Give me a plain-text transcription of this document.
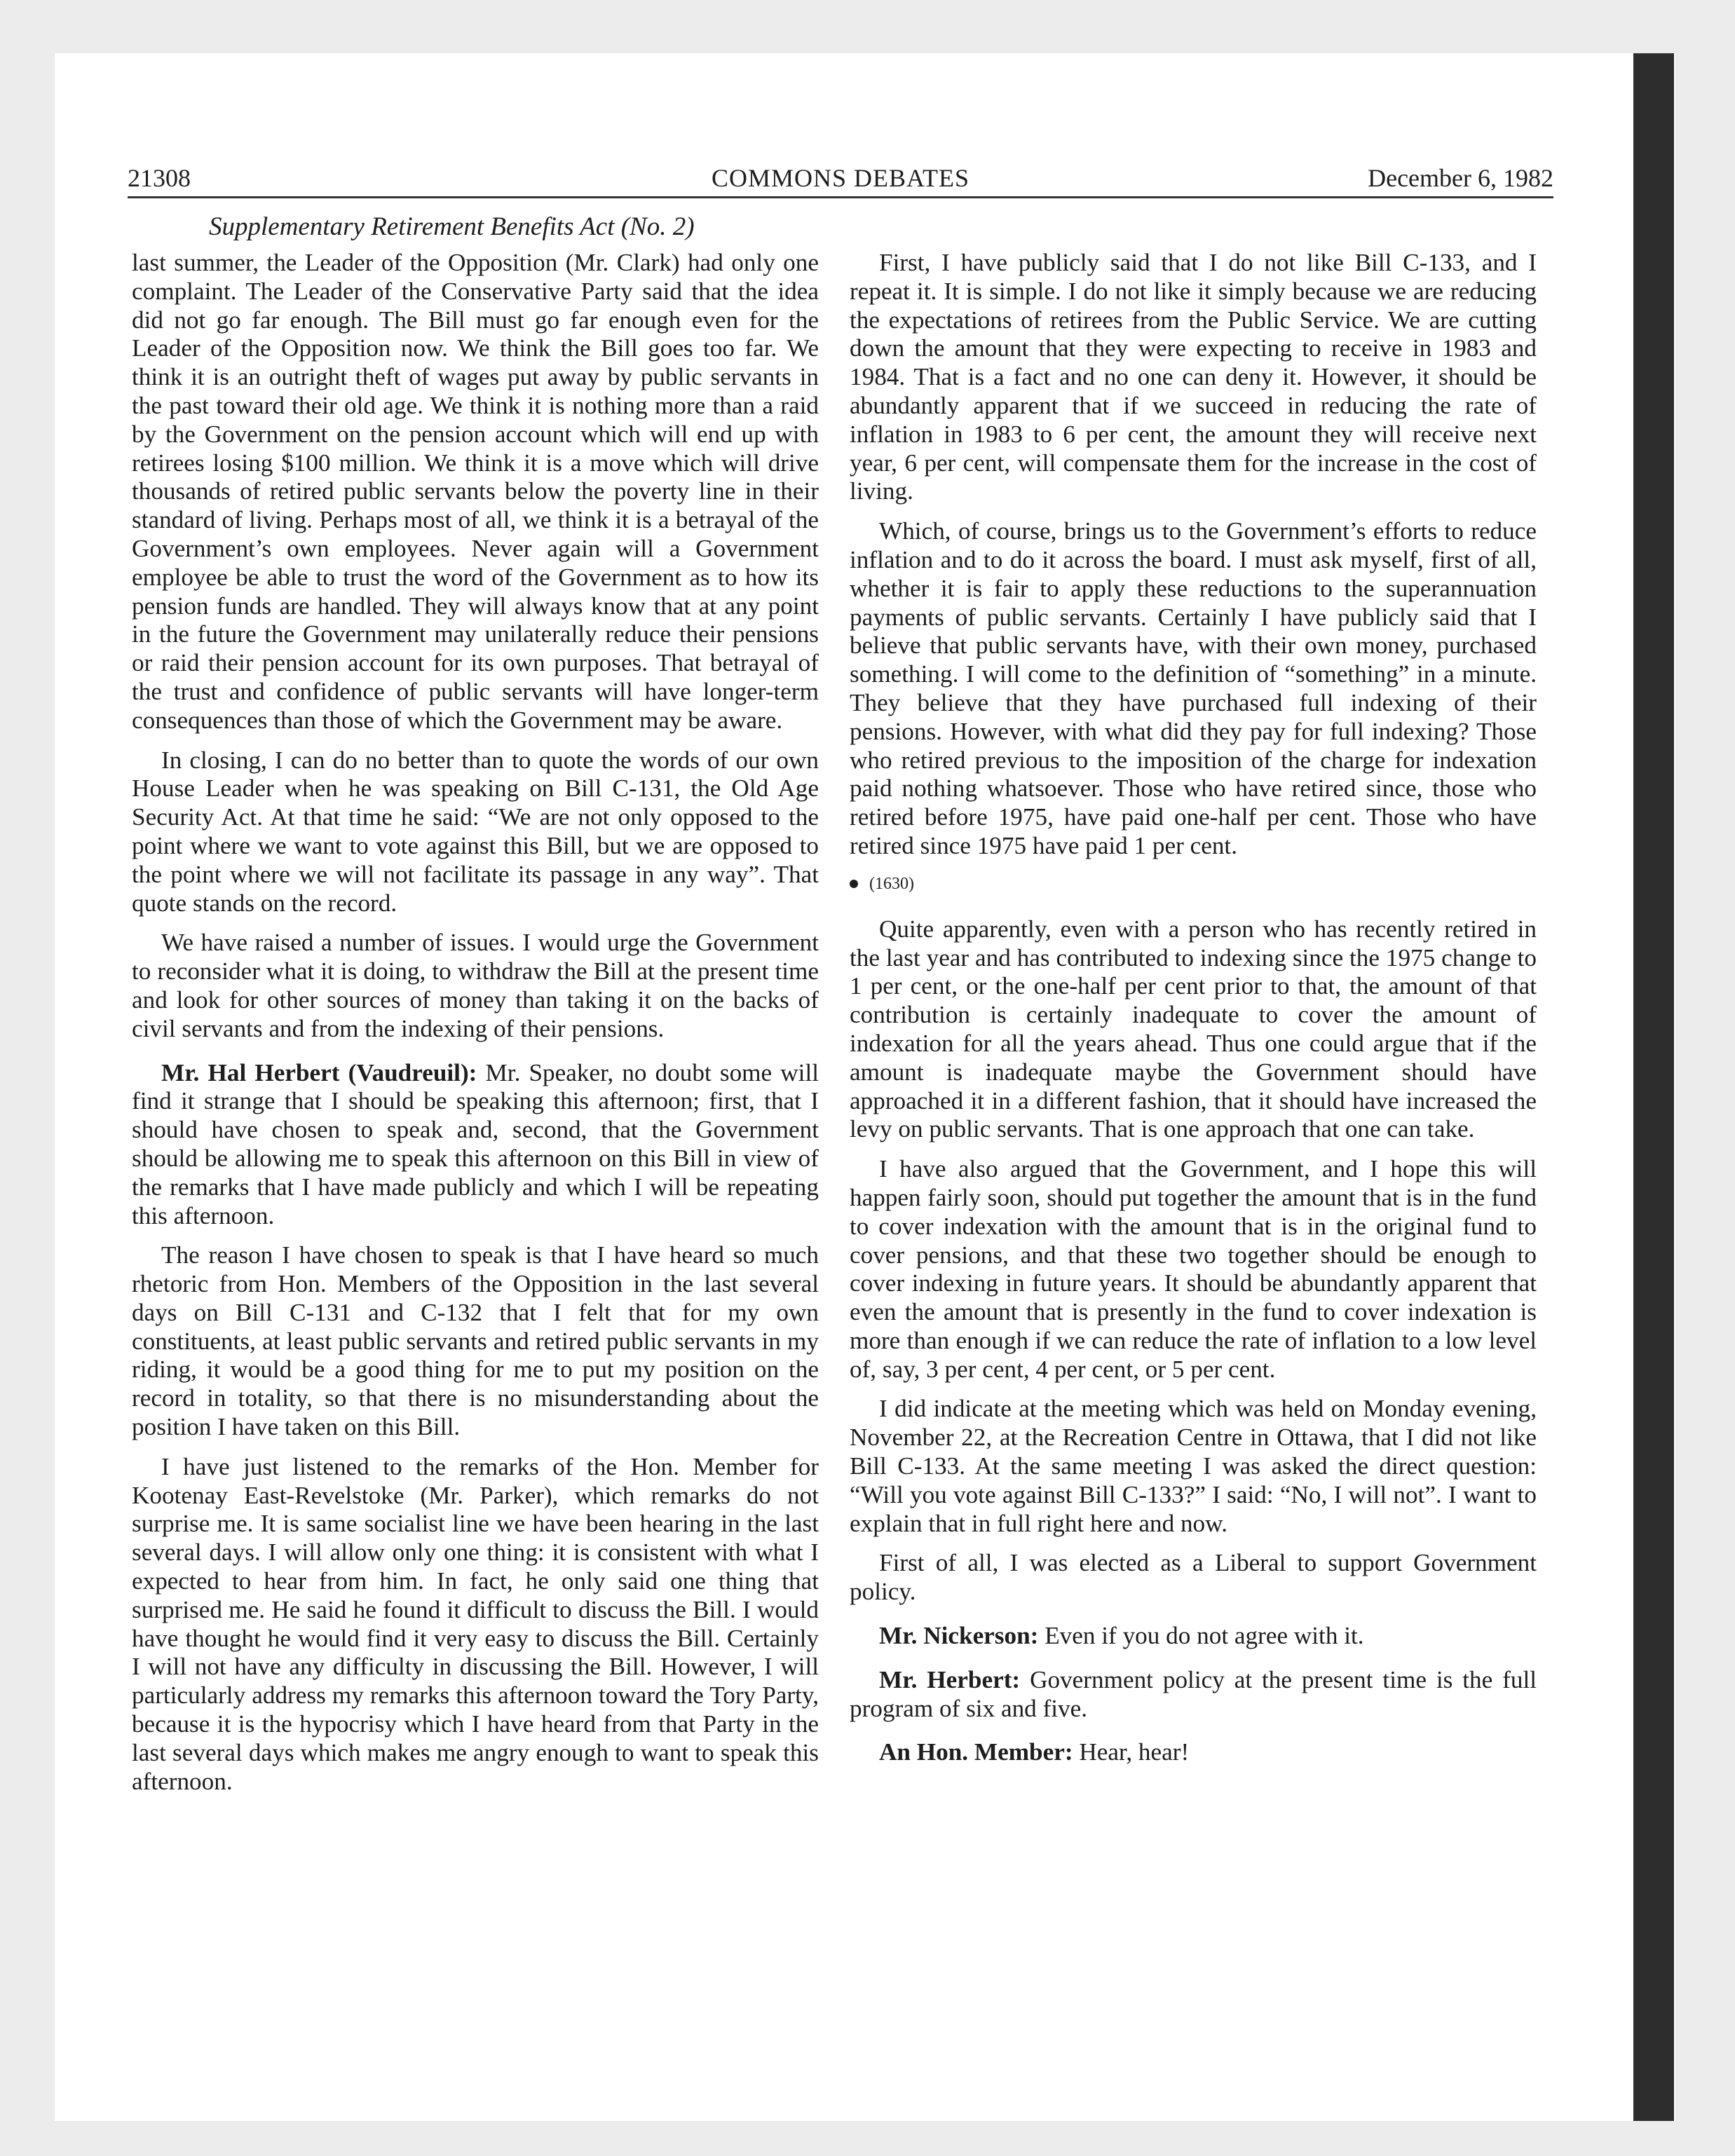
21308	COMMONS DEBATES	December 6, 1982
Supplementary Retirement Benefits Act (No. 2)

last summer, the Leader of the Opposition (Mr. Clark) had only one complaint. The Leader of the Conservative Party said that the idea did not go far enough. The Bill must go far enough even for the Leader of the Opposition now. We think the Bill goes too far. We think it is an outright theft of wages put away by public servants in the past toward their old age. We think it is nothing more than a raid by the Government on the pension account which will end up with retirees losing $100 million. We think it is a move which will drive thousands of retired public servants below the poverty line in their standard of living. Perhaps most of all, we think it is a betrayal of the Government’s own employees. Never again will a Government employee be able to trust the word of the Government as to how its pension funds are handled. They will always know that at any point in the future the Government may unilaterally reduce their pensions or raid their pension account for its own purposes. That betrayal of the trust and confidence of public servants will have longer-term consequences than those of which the Government may be aware.

In closing, I can do no better than to quote the words of our own House Leader when he was speaking on Bill C-131, the Old Age Security Act. At that time he said: “We are not only opposed to the point where we want to vote against this Bill, but we are opposed to the point where we will not facilitate its passage in any way”. That quote stands on the record.

We have raised a number of issues. I would urge the Government to reconsider what it is doing, to withdraw the Bill at the present time and look for other sources of money than taking it on the backs of civil servants and from the indexing of their pensions.

Mr. Hal Herbert (Vaudreuil): Mr. Speaker, no doubt some will find it strange that I should be speaking this afternoon; first, that I should have chosen to speak and, second, that the Government should be allowing me to speak this afternoon on this Bill in view of the remarks that I have made publicly and which I will be repeating this afternoon.

The reason I have chosen to speak is that I have heard so much rhetoric from Hon. Members of the Opposition in the last several days on Bill C-131 and C-132 that I felt that for my own constituents, at least public servants and retired public servants in my riding, it would be a good thing for me to put my position on the record in totality, so that there is no misunderstanding about the position I have taken on this Bill.

I have just listened to the remarks of the Hon. Member for Kootenay East-Revelstoke (Mr. Parker), which remarks do not surprise me. It is same socialist line we have been hearing in the last several days. I will allow only one thing: it is consistent with what I expected to hear from him. In fact, he only said one thing that surprised me. He said he found it difficult to discuss the Bill. I would have thought he would find it very easy to discuss the Bill. Certainly I will not have any difficulty in discussing the Bill. However, I will particularly address my remarks this afternoon toward the Tory Party, because it is the hypocrisy which I have heard from that Party in the last several days which makes me angry enough to want to speak this afternoon.

First, I have publicly said that I do not like Bill C-133, and I repeat it. It is simple. I do not like it simply because we are reducing the expectations of retirees from the Public Service. We are cutting down the amount that they were expecting to receive in 1983 and 1984. That is a fact and no one can deny it. However, it should be abundantly apparent that if we succeed in reducing the rate of inflation in 1983 to 6 per cent, the amount they will receive next year, 6 per cent, will compensate them for the increase in the cost of living.

Which, of course, brings us to the Government’s efforts to reduce inflation and to do it across the board. I must ask myself, first of all, whether it is fair to apply these reductions to the superannuation payments of public servants. Certainly I have publicly said that I believe that public servants have, with their own money, purchased something. I will come to the definition of “something” in a minute. They believe that they have purchased full indexing of their pensions. However, with what did they pay for full indexing? Those who retired previous to the imposition of the charge for indexation paid nothing whatsoever. Those who have retired since, those who retired before 1975, have paid one-half per cent. Those who have retired since 1975 have paid 1 per cent.

(1630)

Quite apparently, even with a person who has recently retired in the last year and has contributed to indexing since the 1975 change to 1 per cent, or the one-half per cent prior to that, the amount of that contribution is certainly inadequate to cover the amount of indexation for all the years ahead. Thus one could argue that if the amount is inadequate maybe the Government should have approached it in a different fashion, that it should have increased the levy on public servants. That is one approach that one can take.

I have also argued that the Government, and I hope this will happen fairly soon, should put together the amount that is in the fund to cover indexation with the amount that is in the original fund to cover pensions, and that these two together should be enough to cover indexing in future years. It should be abundantly apparent that even the amount that is presently in the fund to cover indexation is more than enough if we can reduce the rate of inflation to a low level of, say, 3 per cent, 4 per cent, or 5 per cent.

I did indicate at the meeting which was held on Monday evening, November 22, at the Recreation Centre in Ottawa, that I did not like Bill C-133. At the same meeting I was asked the direct question: “Will you vote against Bill C-133?” I said: “No, I will not”. I want to explain that in full right here and now.

First of all, I was elected as a Liberal to support Government policy.

Mr. Nickerson: Even if you do not agree with it.

Mr. Herbert: Government policy at the present time is the full program of six and five.

An Hon. Member: Hear, hear!
